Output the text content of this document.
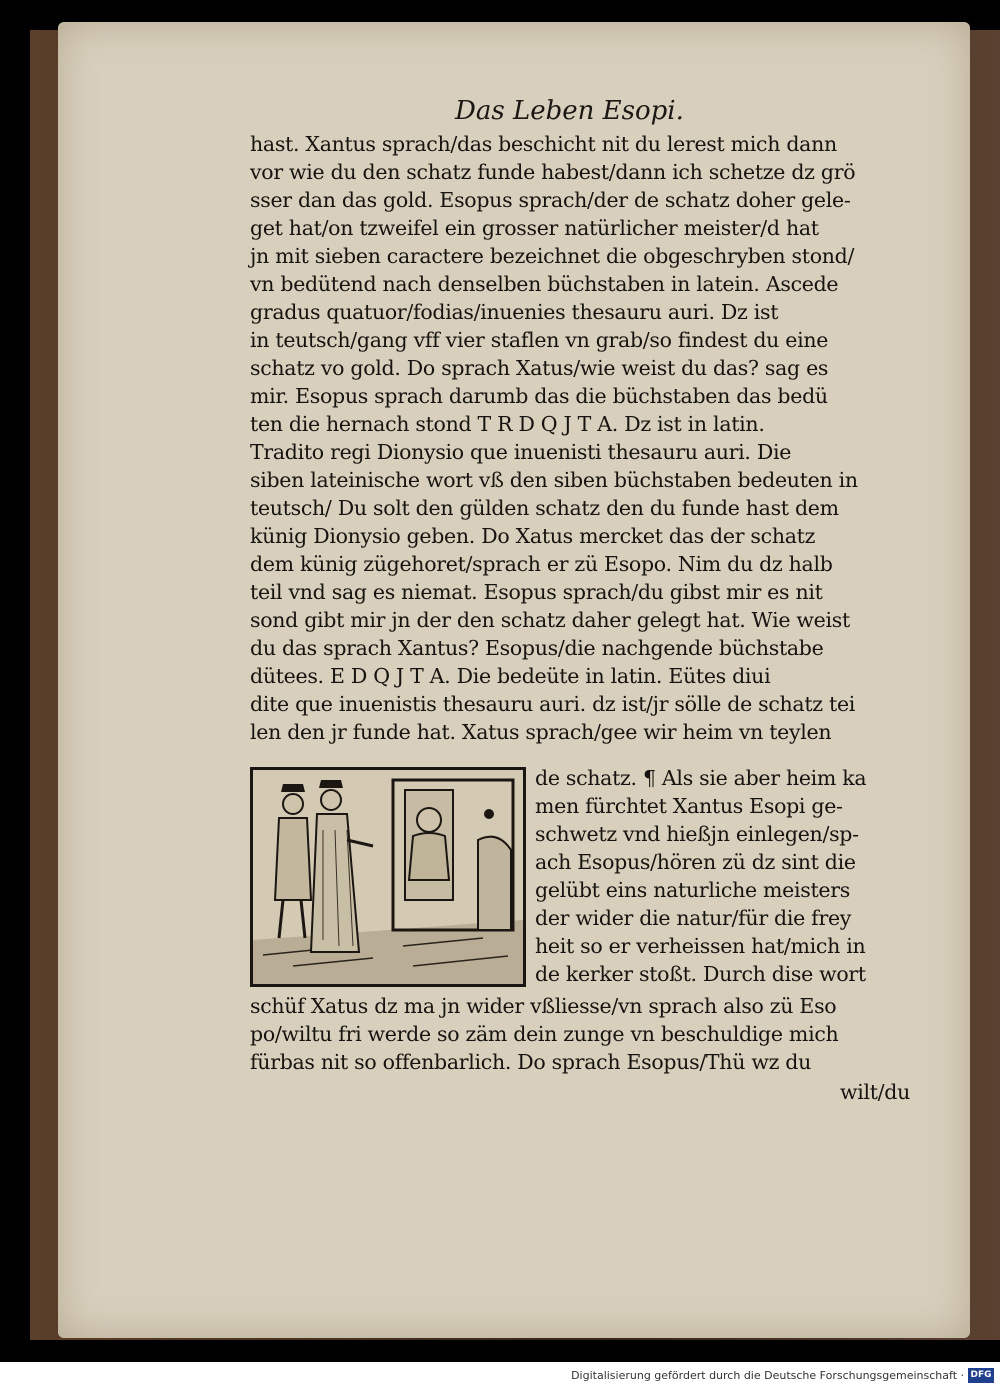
Das Leben Esopi.
hast. Xantus sprach/das beschicht nit du lerest mich dann
vor wie du den schatz funde habest/dann ich schetze dz grö
sser dan das gold. Esopus sprach/der de schatz doher gele-
get hat/on tzweifel ein grosser natürlicher meister/d hat
jn mit sieben caractere bezeichnet die obgeschryben stond/
vn bedütend nach denselben büchstaben in latein. Ascede
gradus quatuor/fodias/inuenies thesauru auri. Dz ist
in teutsch/gang vff vier staflen vn grab/so findest du eine
schatz vo gold. Do sprach Xatus/wie weist du das? sag es
mir. Esopus sprach darumb das die büchstaben das bedü
ten die hernach stond T R D Q J T A. Dz ist in latin.
Tradito regi Dionysio que inuenisti thesauru auri. Die
siben lateinische wort vß den siben büchstaben bedeuten in
teutsch/ Du solt den gülden schatz den du funde hast dem
künig Dionysio geben. Do Xatus mercket das der schatz
dem künig zügehoret/sprach er zü Esopo. Nim du dz halb
teil vnd sag es niemat. Esopus sprach/du gibst mir es nit
sond gibt mir jn der den schatz daher gelegt hat. Wie weist
du das sprach Xantus? Esopus/die nachgende büchstabe
dütees. E D Q J T A. Die bedeüte in latin. Eütes diui
dite que inuenistis thesauru auri. dz ist/jr sölle de schatz tei
len den jr funde hat. Xatus sprach/gee wir heim vn teylen
de schatz. ¶ Als sie aber heim ka
men fürchtet Xantus Esopi ge-
schwetz vnd hießjn einlegen/sp-
ach Esopus/hören zü dz sint die
gelübt eins naturliche meisters
der wider die natur/für die frey
heit so er verheissen hat/mich in
de kerker stoßt. Durch dise wort
schüf Xatus dz ma jn wider vßliesse/vn sprach also zü Eso
po/wiltu fri werde so zäm dein zunge vn beschuldige mich
fürbas nit so offenbarlich. Do sprach Esopus/Thü wz du
wilt/du
Digitalisierung gefördert durch die Deutsche Forschungsgemeinschaft · DFG
